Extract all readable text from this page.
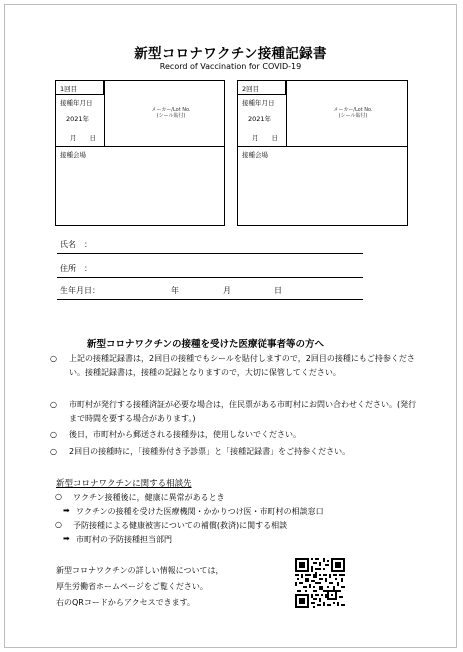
新型コロナワクチン接種記録書
Record of Vaccination for COVID-19
1回目
接種年月日
2021年
月　　日
メーカー/Lot No.
(シール貼付)
接種会場
2回目
接種年月日
2021年
月　　日
メーカー/Lot No.
(シール貼付)
接種会場
氏名　：
住所　：
生年月日：	年	月	日
新型コロナワクチンの接種を受けた医療従事者等の方へ
○ 上記の接種記録書は，2回目の接種でもシールを貼付しますので，2回目の接種にもご持参ください。接種記録書は，接種の記録となりますので，大切に保管してください。
○ 市町村が発行する接種済証が必要な場合は，住民票がある市町村にお問い合わせください。(発行まで時間を要する場合があります。)
○ 後日，市町村から郵送される接種券は，使用しないでください。
○ 2回目の接種時に，「接種券付き予診票」と「接種記録書」をご持参ください。
新型コロナワクチンに関する相談先
○ ワクチン接種後に，健康に異常があるとき
➡ ワクチンの接種を受けた医療機関・かかりつけ医・市町村の相談窓口
○ 予防接種による健康被害についての補償(救済)に関する相談
➡ 市町村の予防接種担当部門
新型コロナワクチンの詳しい情報については，
厚生労働省ホームページをご覧ください。
右のQRコードからアクセスできます。
